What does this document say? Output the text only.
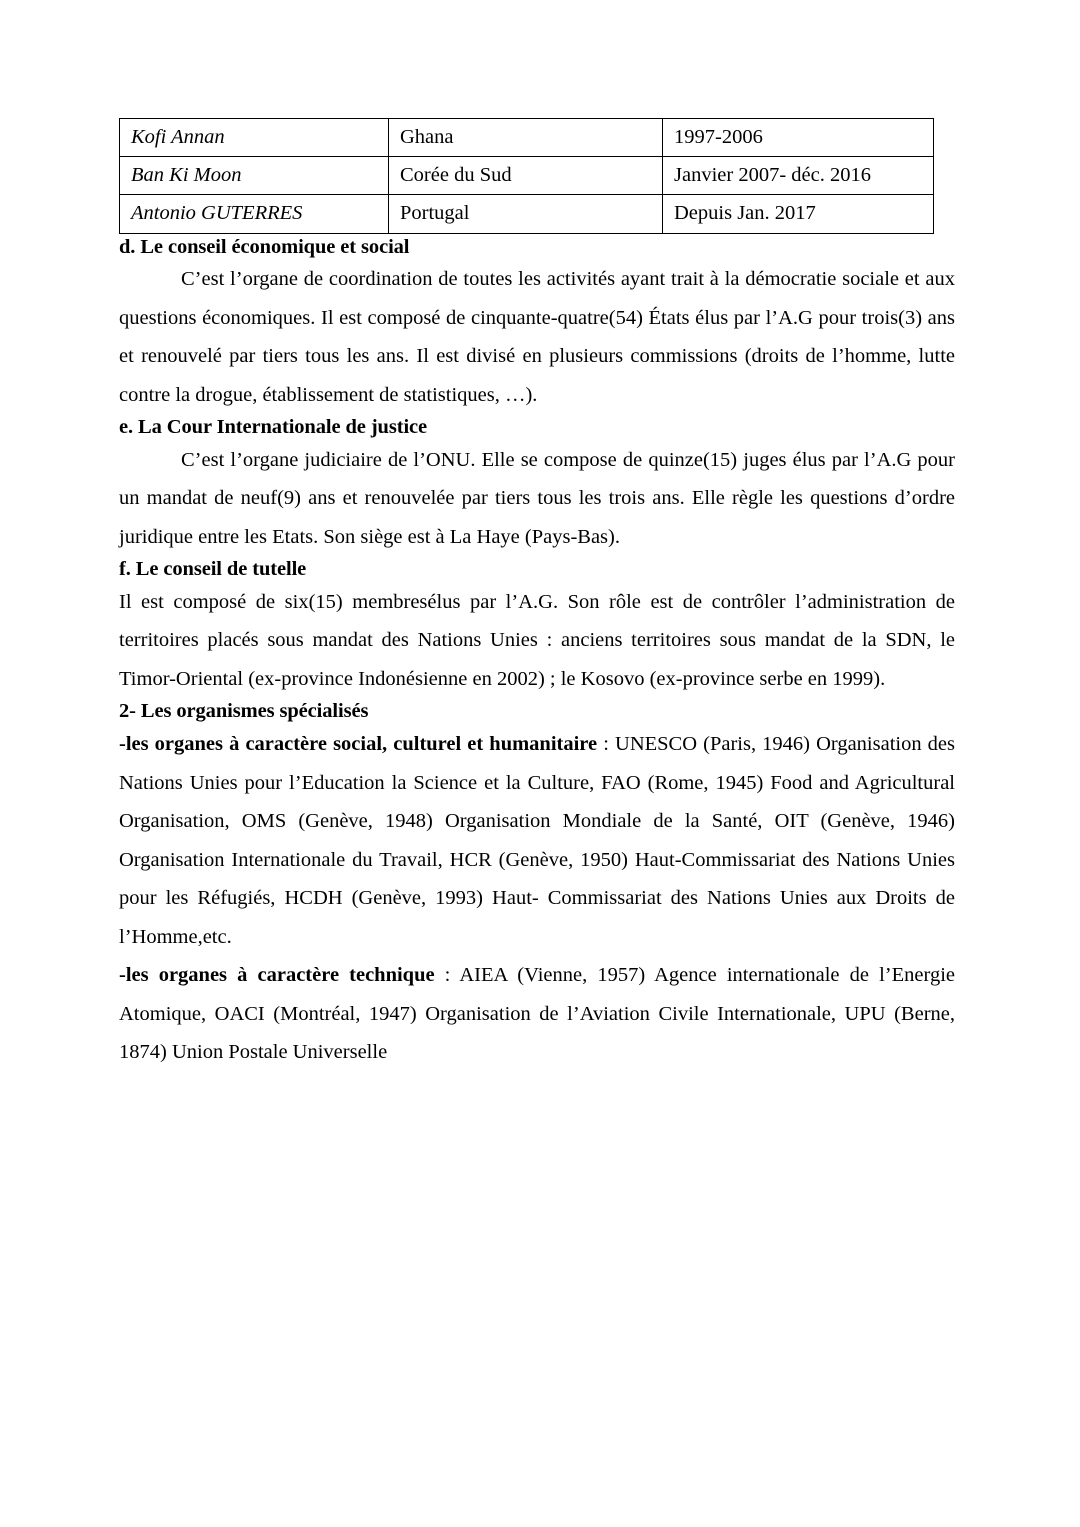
Kofi Annan	Ghana	1997-2006
Ban Ki Moon	Corée du Sud	Janvier 2007- déc. 2016
Antonio GUTERRES	Portugal	Depuis Jan. 2017
d. Le conseil économique et social

C’est l’organe de coordination de toutes les activités ayant trait à la démocratie sociale et aux questions économiques. Il est composé de cinquante-quatre(54) États élus par l’A.G pour trois(3) ans et renouvelé par tiers tous les ans. Il est divisé en plusieurs commissions (droits de l’homme, lutte contre la drogue, établissement de statistiques, …).

e. La Cour Internationale de justice

C’est l’organe judiciaire de l’ONU. Elle se compose de quinze(15) juges élus par l’A.G pour un mandat de neuf(9) ans et renouvelée par tiers tous les trois ans. Elle règle les questions d’ordre juridique entre les Etats. Son siège est à La Haye (Pays-Bas).

f. Le conseil de tutelle

Il est composé de six(15) membresélus par l’A.G. Son rôle est de contrôler l’administration de territoires placés sous mandat des Nations Unies : anciens territoires sous mandat de la SDN, le Timor-Oriental (ex-province Indonésienne en 2002) ; le Kosovo (ex-province serbe en 1999).

2- Les organismes spécialisés

-les organes à caractère social, culturel et humanitaire : UNESCO (Paris, 1946) Organisation des Nations Unies pour l’Education la Science et la Culture, FAO (Rome, 1945) Food and Agricultural Organisation, OMS (Genève, 1948) Organisation Mondiale de la Santé, OIT (Genève, 1946) Organisation Internationale du Travail, HCR (Genève, 1950) Haut-Commissariat des Nations Unies pour les Réfugiés, HCDH (Genève, 1993) Haut- Commissariat des Nations Unies aux Droits de l’Homme,etc.

-les organes à caractère technique : AIEA (Vienne, 1957) Agence internationale de l’Energie Atomique, OACI (Montréal, 1947) Organisation de l’Aviation Civile Internationale, UPU (Berne, 1874) Union Postale Universelle
